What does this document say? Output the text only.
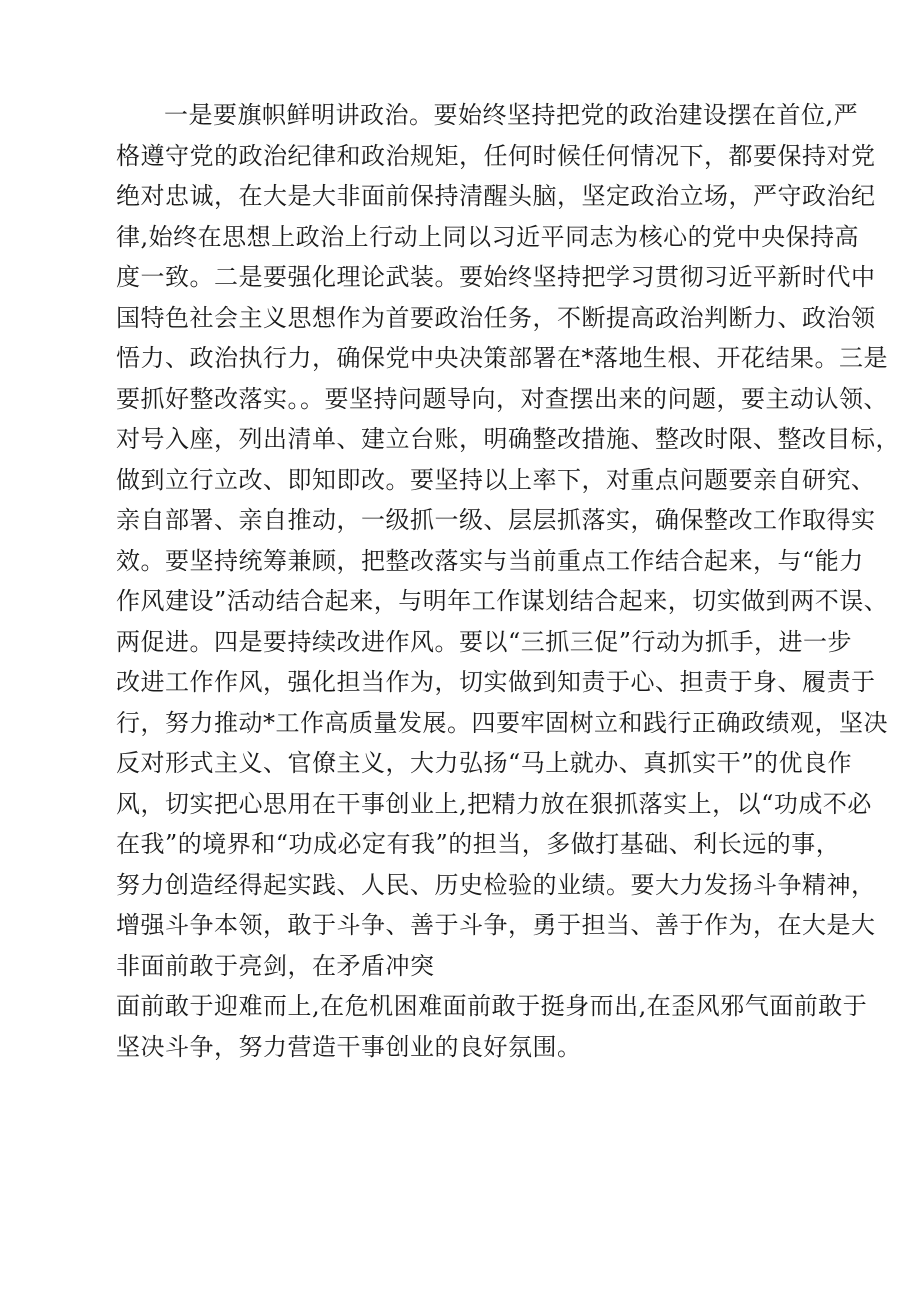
一是要旗帜鲜明讲政治。要始终坚持把党的政治建设摆在首位,严
格遵守党的政治纪律和政治规矩，任何时候任何情况下，都要保持对党
绝对忠诚，在大是大非面前保持清醒头脑，坚定政治立场，严守政治纪
律,始终在思想上政治上行动上同以习近平同志为核心的党中央保持高
度一致。二是要强化理论武装。要始终坚持把学习贯彻习近平新时代中
国特色社会主义思想作为首要政治任务，不断提高政治判断力、政治领
悟力、政治执行力，确保党中央决策部署在*落地生根、开花结果。三是
要抓好整改落实。。要坚持问题导向，对查摆出来的问题，要主动认领、
对号入座，列出清单、建立台账，明确整改措施、整改时限、整改目标，
做到立行立改、即知即改。要坚持以上率下，对重点问题要亲自研究、
亲自部署、亲自推动，一级抓一级、层层抓落实，确保整改工作取得实
效。要坚持统筹兼顾，把整改落实与当前重点工作结合起来，与“能力
作风建设”活动结合起来，与明年工作谋划结合起来，切实做到两不误、
两促进。四是要持续改进作风。要以“三抓三促”行动为抓手，进一步
改进工作作风，强化担当作为，切实做到知责于心、担责于身、履责于
行，努力推动*工作高质量发展。四要牢固树立和践行正确政绩观，坚决
反对形式主义、官僚主义，大力弘扬“马上就办、真抓实干”的优良作
风，切实把心思用在干事创业上,把精力放在狠抓落实上，以“功成不必
在我”的境界和“功成必定有我”的担当，多做打基础、利长远的事，
努力创造经得起实践、人民、历史检验的业绩。要大力发扬斗争精神，
增强斗争本领，敢于斗争、善于斗争，勇于担当、善于作为，在大是大
非面前敢于亮剑，在矛盾冲突
面前敢于迎难而上,在危机困难面前敢于挺身而出,在歪风邪气面前敢于
坚决斗争，努力营造干事创业的良好氛围。
